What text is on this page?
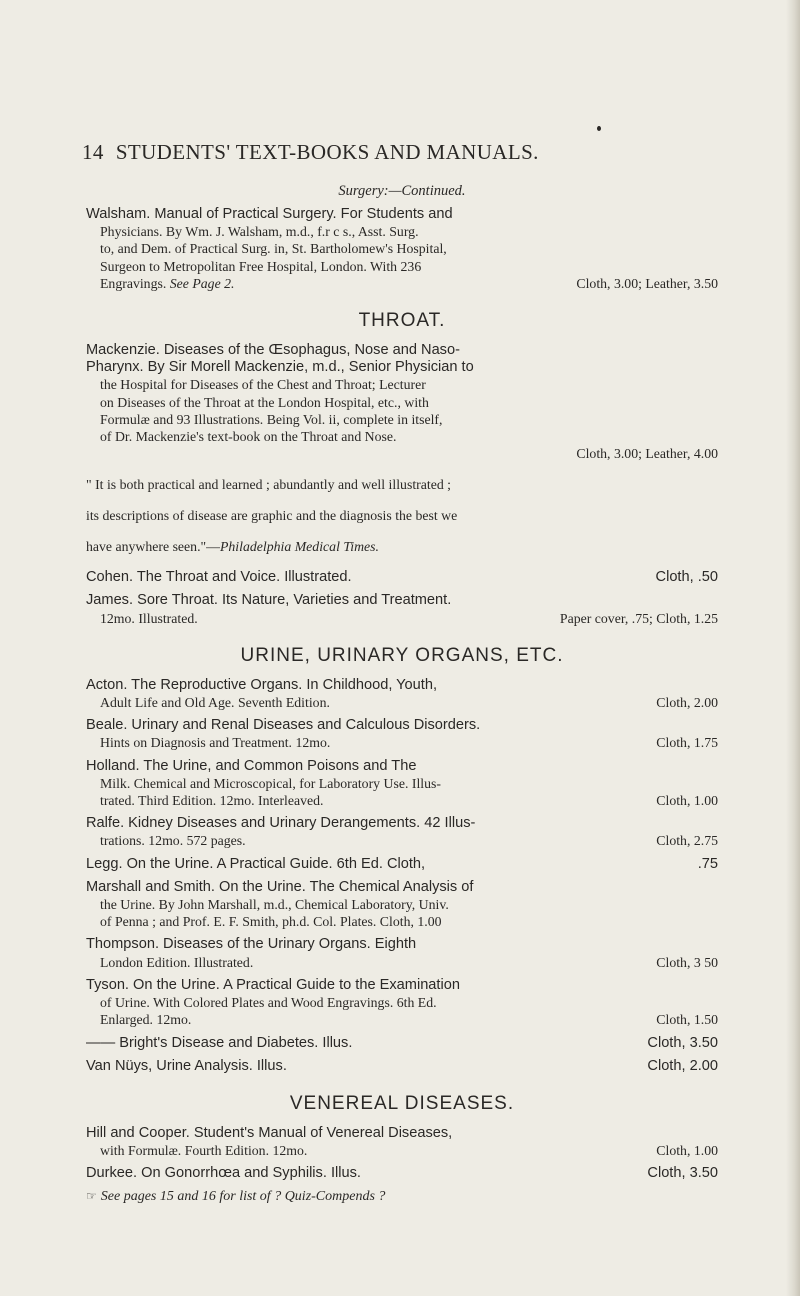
14 STUDENTS' TEXT-BOOKS AND MANUALS.
Surgery:—Continued.

Walsham. Manual of Practical Surgery. For Students and

Physicians. By Wm. J. Walsham, m.d., f.r c s., Asst. Surg.

to, and Dem. of Practical Surg. in, St. Bartholomew's Hospital,

Surgeon to Metropolitan Free Hospital, London. With 236

Engravings. See Page 2.	Cloth, 3.00; Leather, 3.50

THROAT.

Mackenzie. Diseases of the Œsophagus, Nose and Naso-

Pharynx. By Sir Morell Mackenzie, m.d., Senior Physician to

the Hospital for Diseases of the Chest and Throat; Lecturer

on Diseases of the Throat at the London Hospital, etc., with

Formulæ and 93 Illustrations. Being Vol. ii, complete in itself,

of Dr. Mackenzie's text-book on the Throat and Nose.

Cloth, 3.00; Leather, 4.00

" It is both practical and learned ; abundantly and well illustrated ;

its descriptions of disease are graphic and the diagnosis the best we

have anywhere seen."—Philadelphia Medical Times.

Cohen. The Throat and Voice. Illustrated.	Cloth, .50

James. Sore Throat. Its Nature, Varieties and Treatment.

12mo. Illustrated.	Paper cover, .75; Cloth, 1.25

URINE, URINARY ORGANS, ETC.

Acton. The Reproductive Organs. In Childhood, Youth,

Adult Life and Old Age. Seventh Edition.	Cloth, 2.00

Beale. Urinary and Renal Diseases and Calculous Disorders.

Hints on Diagnosis and Treatment. 12mo.	Cloth, 1.75

Holland. The Urine, and Common Poisons and The

Milk. Chemical and Microscopical, for Laboratory Use. Illus-

trated. Third Edition. 12mo. Interleaved.	Cloth, 1.00

Ralfe. Kidney Diseases and Urinary Derangements. 42 Illus-

trations. 12mo. 572 pages.	Cloth, 2.75

Legg. On the Urine. A Practical Guide. 6th Ed. Cloth,	.75

Marshall and Smith. On the Urine. The Chemical Analysis of

the Urine. By John Marshall, m.d., Chemical Laboratory, Univ.

of Penna ; and Prof. E. F. Smith, ph.d. Col. Plates. Cloth, 1.00

Thompson. Diseases of the Urinary Organs. Eighth

London Edition. Illustrated.	Cloth, 3 50

Tyson. On the Urine. A Practical Guide to the Examination

of Urine. With Colored Plates and Wood Engravings. 6th Ed.

Enlarged. 12mo.	Cloth, 1.50

—— Bright's Disease and Diabetes. Illus.	Cloth, 3.50

Van Nüys, Urine Analysis. Illus.	Cloth, 2.00

VENEREAL DISEASES.

Hill and Cooper. Student's Manual of Venereal Diseases,

with Formulæ. Fourth Edition. 12mo.	Cloth, 1.00

Durkee. On Gonorrhœa and Syphilis. Illus.	Cloth, 3.50

☞ See pages 15 and 16 for list of ? Quiz-Compends ?
